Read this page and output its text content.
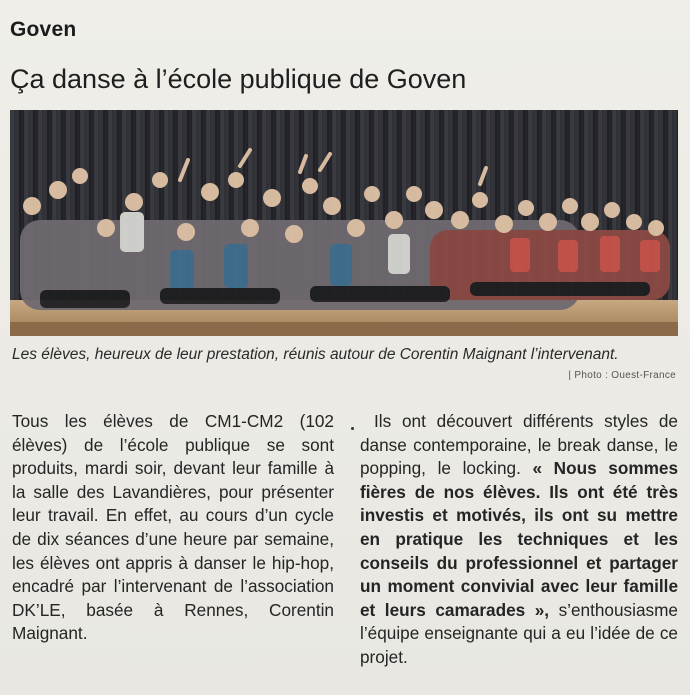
Goven
Ça danse à l’école publique de Goven
Les élèves, heureux de leur prestation, réunis autour de Corentin Maignant l’intervenant.
| Photo : Ouest-France

Tous les élèves de CM1-CM2 (102 élèves) de l’école publique se sont produits, mardi soir, devant leur famille à la salle des Lavandières, pour présenter leur travail. En effet, au cours d’un cycle de dix séances d’une heure par semaine, les élèves ont appris à danser le hip-hop, encadré par l’intervenant de l’association DK’LE, basée à Rennes, Corentin Maignant.

Ils ont découvert différents styles de danse contemporaine, le break danse, le popping, le locking. « Nous sommes fières de nos élèves. Ils ont été très investis et motivés, ils ont su mettre en pratique les techniques et les conseils du professionnel et partager un moment convivial avec leur famille et leurs camarades », s’enthousiasme l’équipe enseignante qui a eu l’idée de ce projet.
